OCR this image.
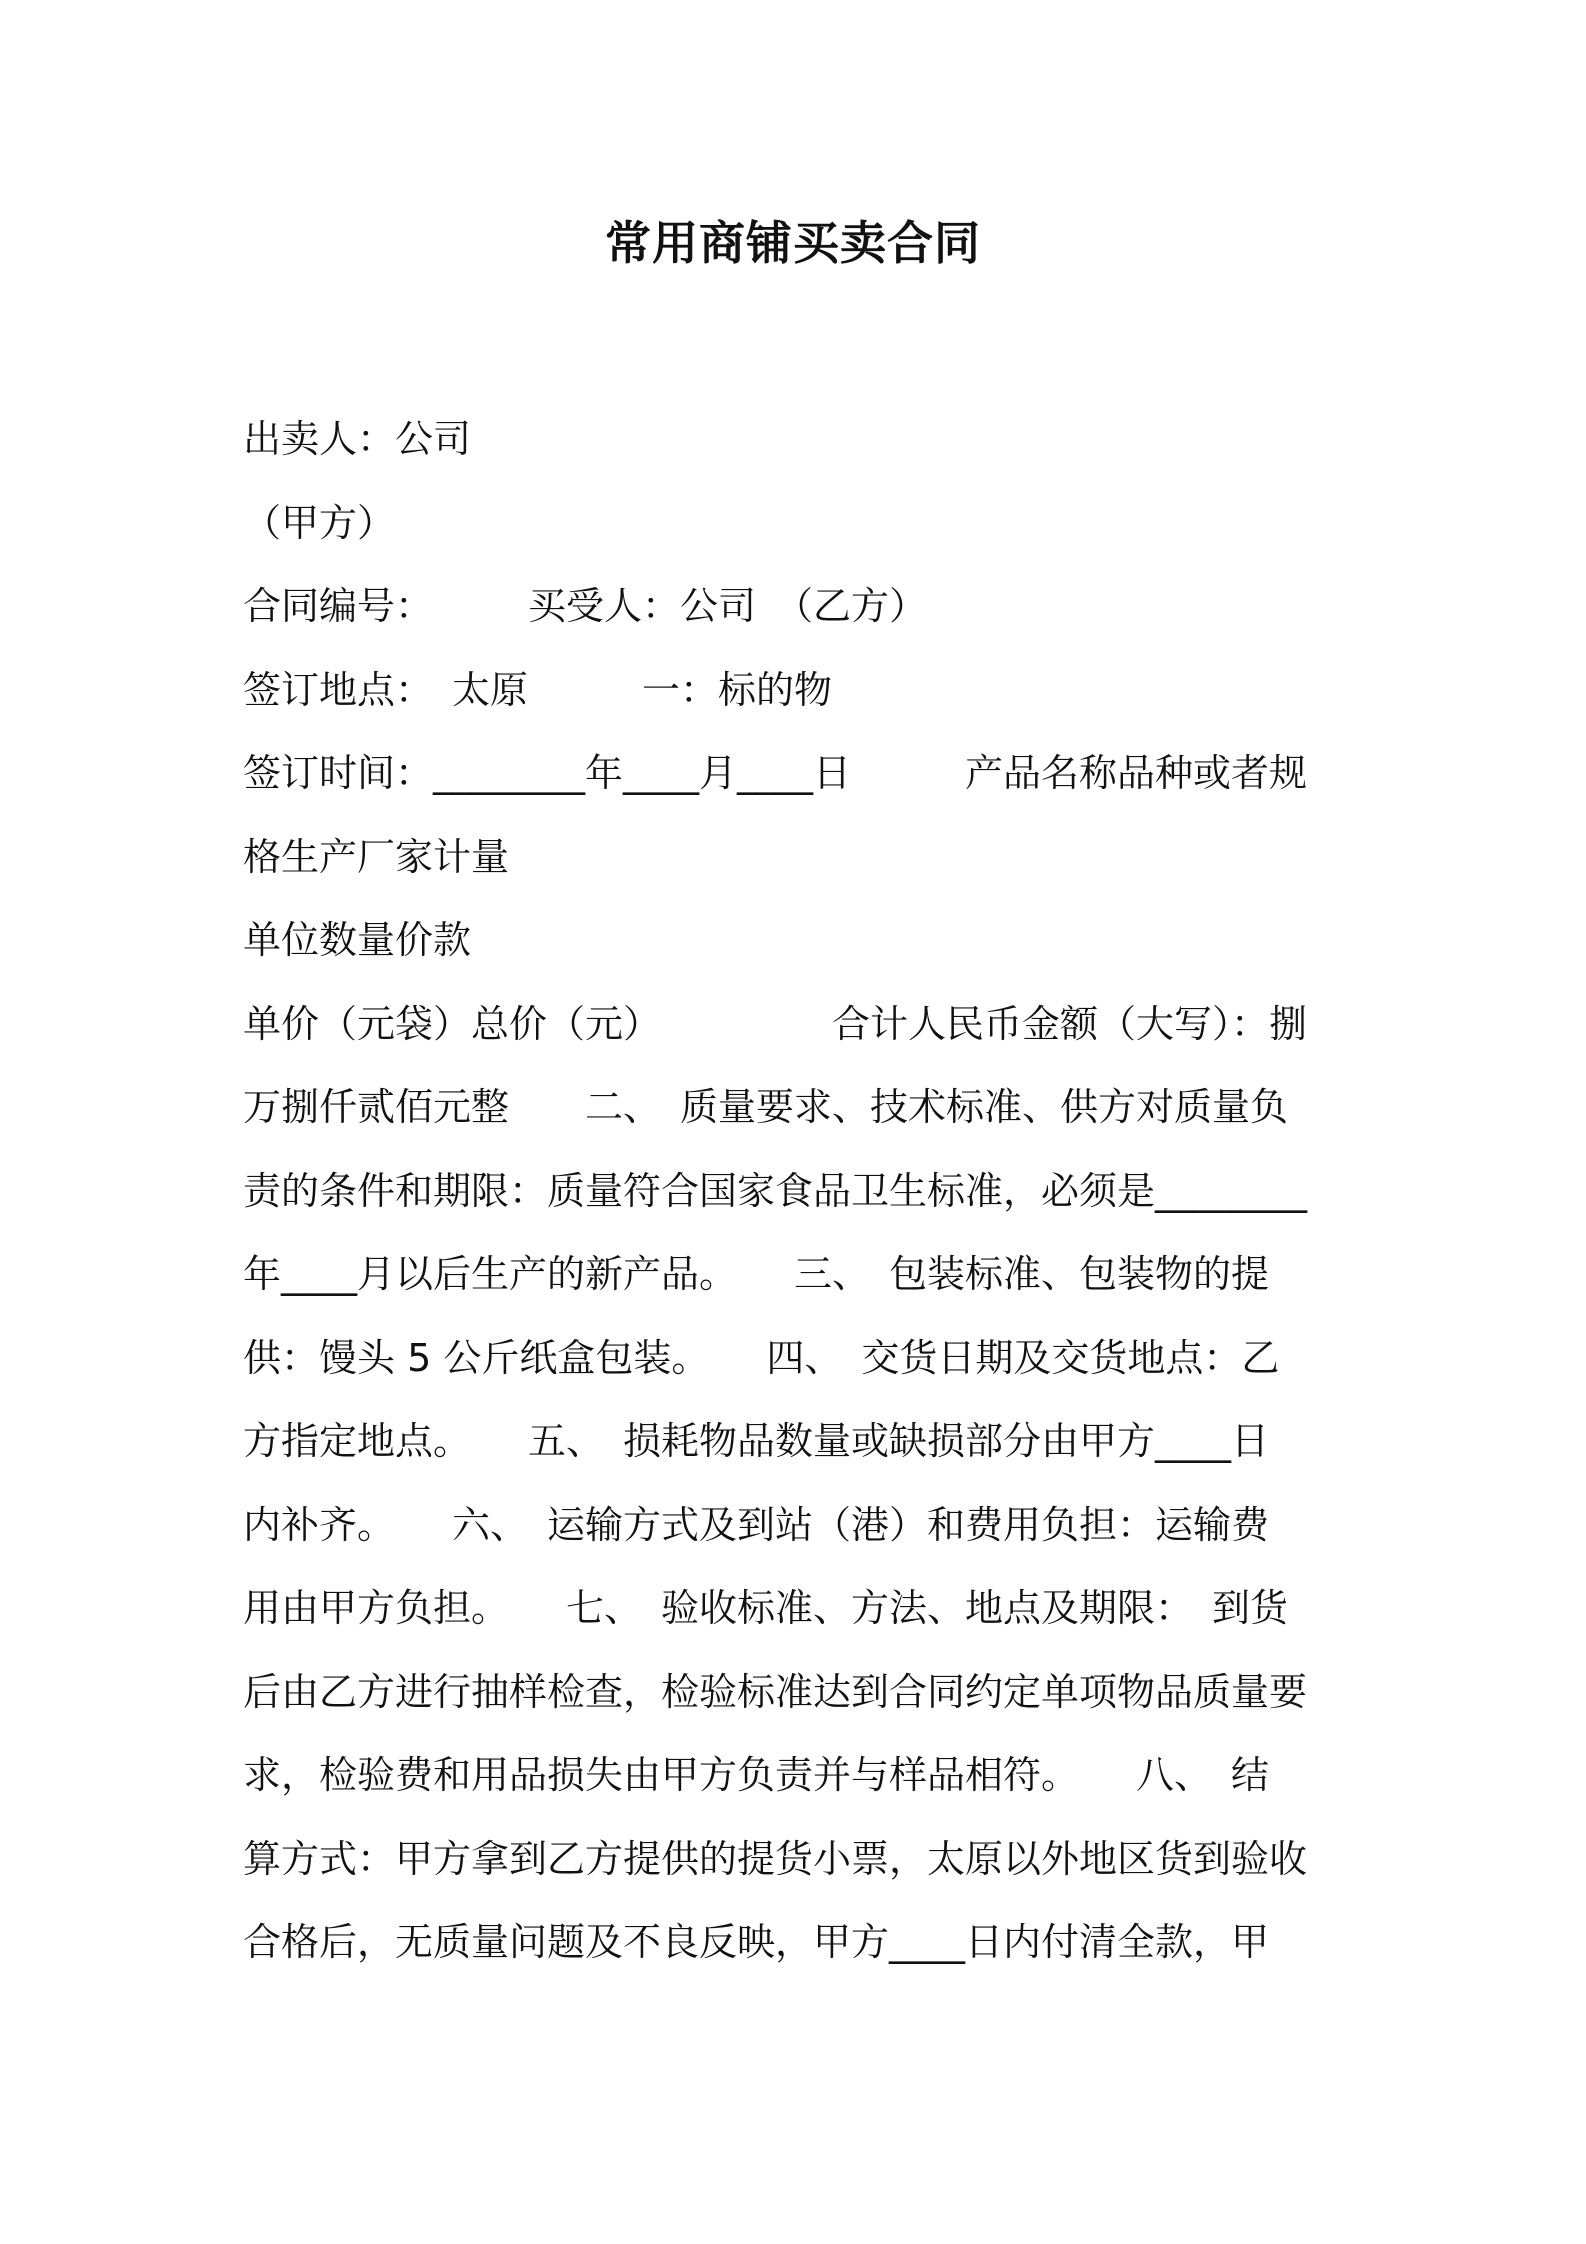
常用商铺买卖合同
出卖人：公司
（甲方）
合同编号：　　　买受人：公司　（乙方）
签订地点：　太原　　　一：标的物
签订时间：________年____月____日　　　产品名称品种或者规
格生产厂家计量
单位数量价款
单价（元袋）总价（元）　　　　　合计人民币金额（大写）：捌
万捌仟贰佰元整　　二、　质量要求、技术标准、供方对质量负
责的条件和期限：质量符合国家食品卫生标准，必须是________
年____月以后生产的新产品。　　三、　包装标准、包装物的提
供：馒头 5 公斤纸盒包装。　　四、　交货日期及交货地点：乙
方指定地点。　　五、　损耗物品数量或缺损部分由甲方____日
内补齐。　　六、　运输方式及到站（港）和费用负担：运输费
用由甲方负担。　　七、　验收标准、方法、地点及期限：　到货
后由乙方进行抽样检查，检验标准达到合同约定单项物品质量要
求，检验费和用品损失由甲方负责并与样品相符。　　八、　结
算方式：甲方拿到乙方提供的提货小票，太原以外地区货到验收
合格后，无质量问题及不良反映，甲方____日内付清全款，甲
